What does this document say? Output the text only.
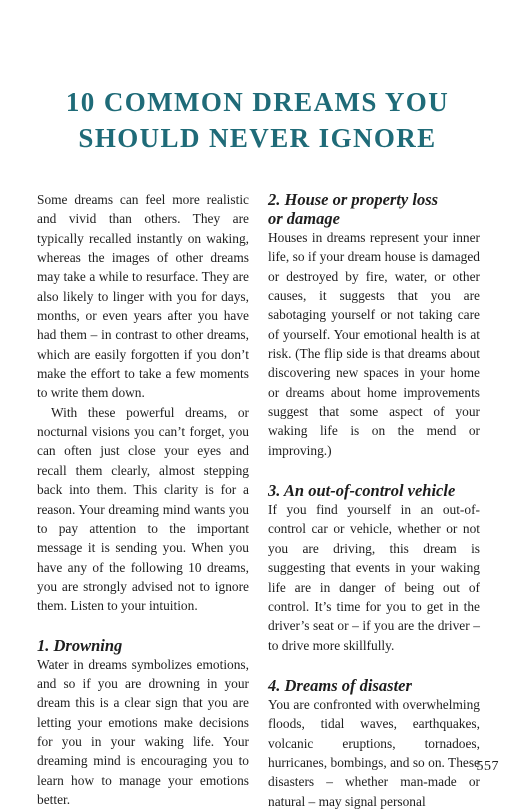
10 COMMON DREAMS YOU
SHOULD NEVER IGNORE

Some dreams can feel more realistic and vivid than others. They are typically recalled instantly on waking, whereas the images of other dreams may take a while to resurface. They are also likely to linger with you for days, months, or even years after you have had them – in contrast to other dreams, which are easily forgotten if you don’t make the effort to take a few moments to write them down.

With these powerful dreams, or nocturnal visions you can’t forget, you can often just close your eyes and recall them clearly, almost stepping back into them. This clarity is for a reason. Your dreaming mind wants you to pay attention to the important message it is sending you. When you have any of the following 10 dreams, you are strongly advised not to ignore them. Listen to your intuition.

1. Drowning

Water in dreams symbolizes emotions, and so if you are drowning in your dream this is a clear sign that you are letting your emotions make decisions for you in your waking life. Your dreaming mind is encouraging you to learn how to manage your emotions better.

2. House or property loss
or damage

Houses in dreams represent your inner life, so if your dream house is damaged or destroyed by fire, water, or other causes, it suggests that you are sabotaging yourself or not taking care of yourself. Your emotional health is at risk. (The flip side is that dreams about discovering new spaces in your home or dreams about home improvements suggest that some aspect of your waking life is on the mend or improving.)

3. An out-of-control vehicle

If you find yourself in an out-of-control car or vehicle, whether or not you are driving, this dream is suggesting that events in your waking life are in danger of being out of control. It’s time for you to get in the driver’s seat or – if you are the driver – to drive more skillfully.

4. Dreams of disaster

You are confronted with overwhelming floods, tidal waves, earthquakes, volcanic eruptions, tornadoes, hurricanes, bombings, and so on. These disasters – whether man-made or natural – may signal personal

557
